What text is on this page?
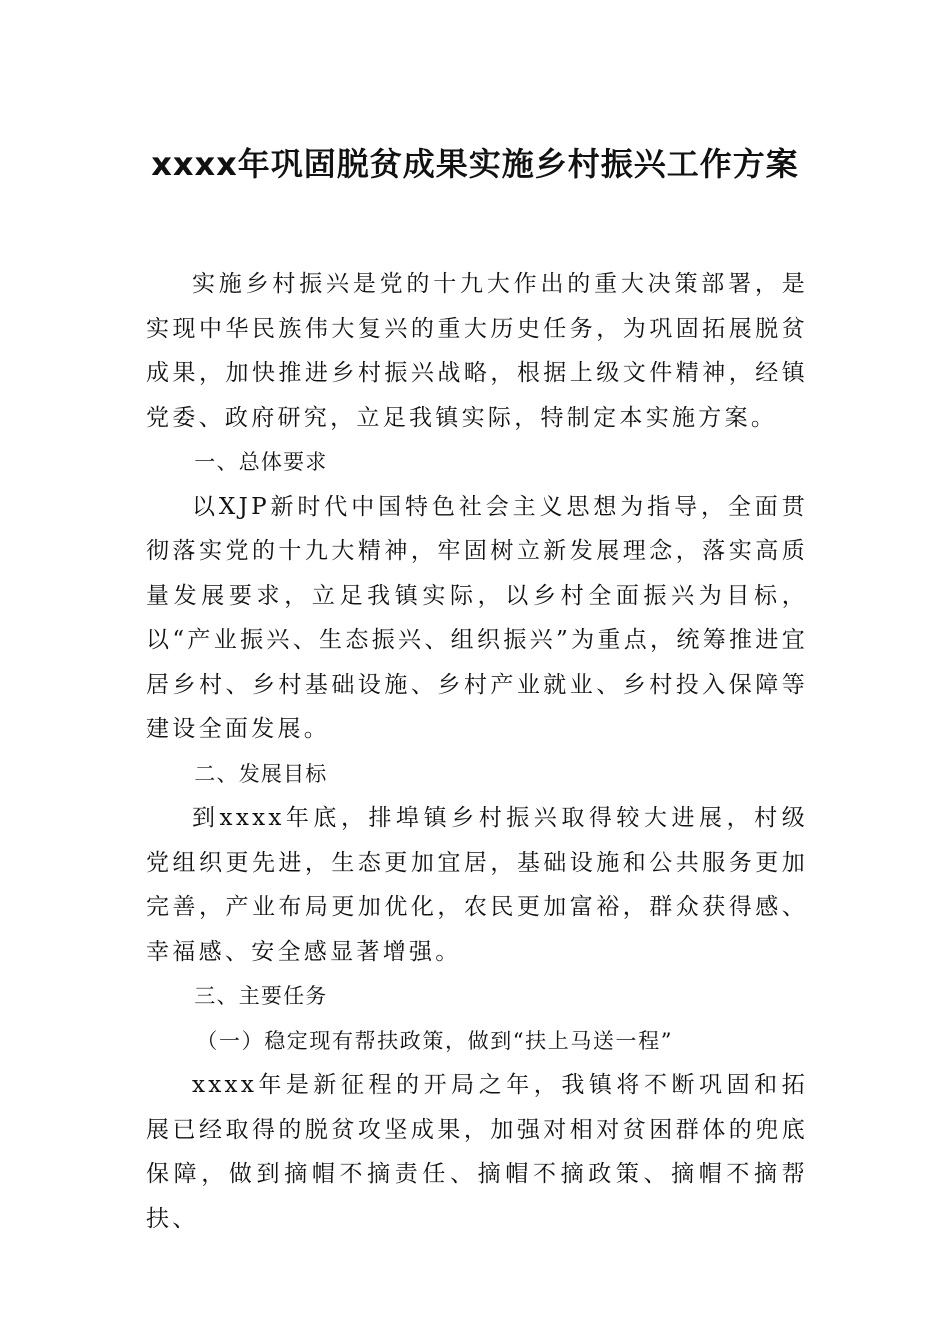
xxxx年巩固脱贫成果实施乡村振兴工作方案

实施乡村振兴是党的十九大作出的重大决策部署，是实现中华民族伟大复兴的重大历史任务，为巩固拓展脱贫成果，加快推进乡村振兴战略，根据上级文件精神，经镇党委、政府研究，立足我镇实际，特制定本实施方案。

一、总体要求

以XJP新时代中国特色社会主义思想为指导，全面贯彻落实党的十九大精神，牢固树立新发展理念，落实高质量发展要求，立足我镇实际，以乡村全面振兴为目标，以“产业振兴、生态振兴、组织振兴”为重点，统筹推进宜居乡村、乡村基础设施、乡村产业就业、乡村投入保障等建设全面发展。

二、发展目标

到xxxx年底，排埠镇乡村振兴取得较大进展，村级党组织更先进，生态更加宜居，基础设施和公共服务更加完善，产业布局更加优化，农民更加富裕，群众获得感、幸福感、安全感显著增强。

三、主要任务

（一）稳定现有帮扶政策，做到“扶上马送一程”

xxxx年是新征程的开局之年，我镇将不断巩固和拓展已经取得的脱贫攻坚成果，加强对相对贫困群体的兜底保障，做到摘帽不摘责任、摘帽不摘政策、摘帽不摘帮扶、
